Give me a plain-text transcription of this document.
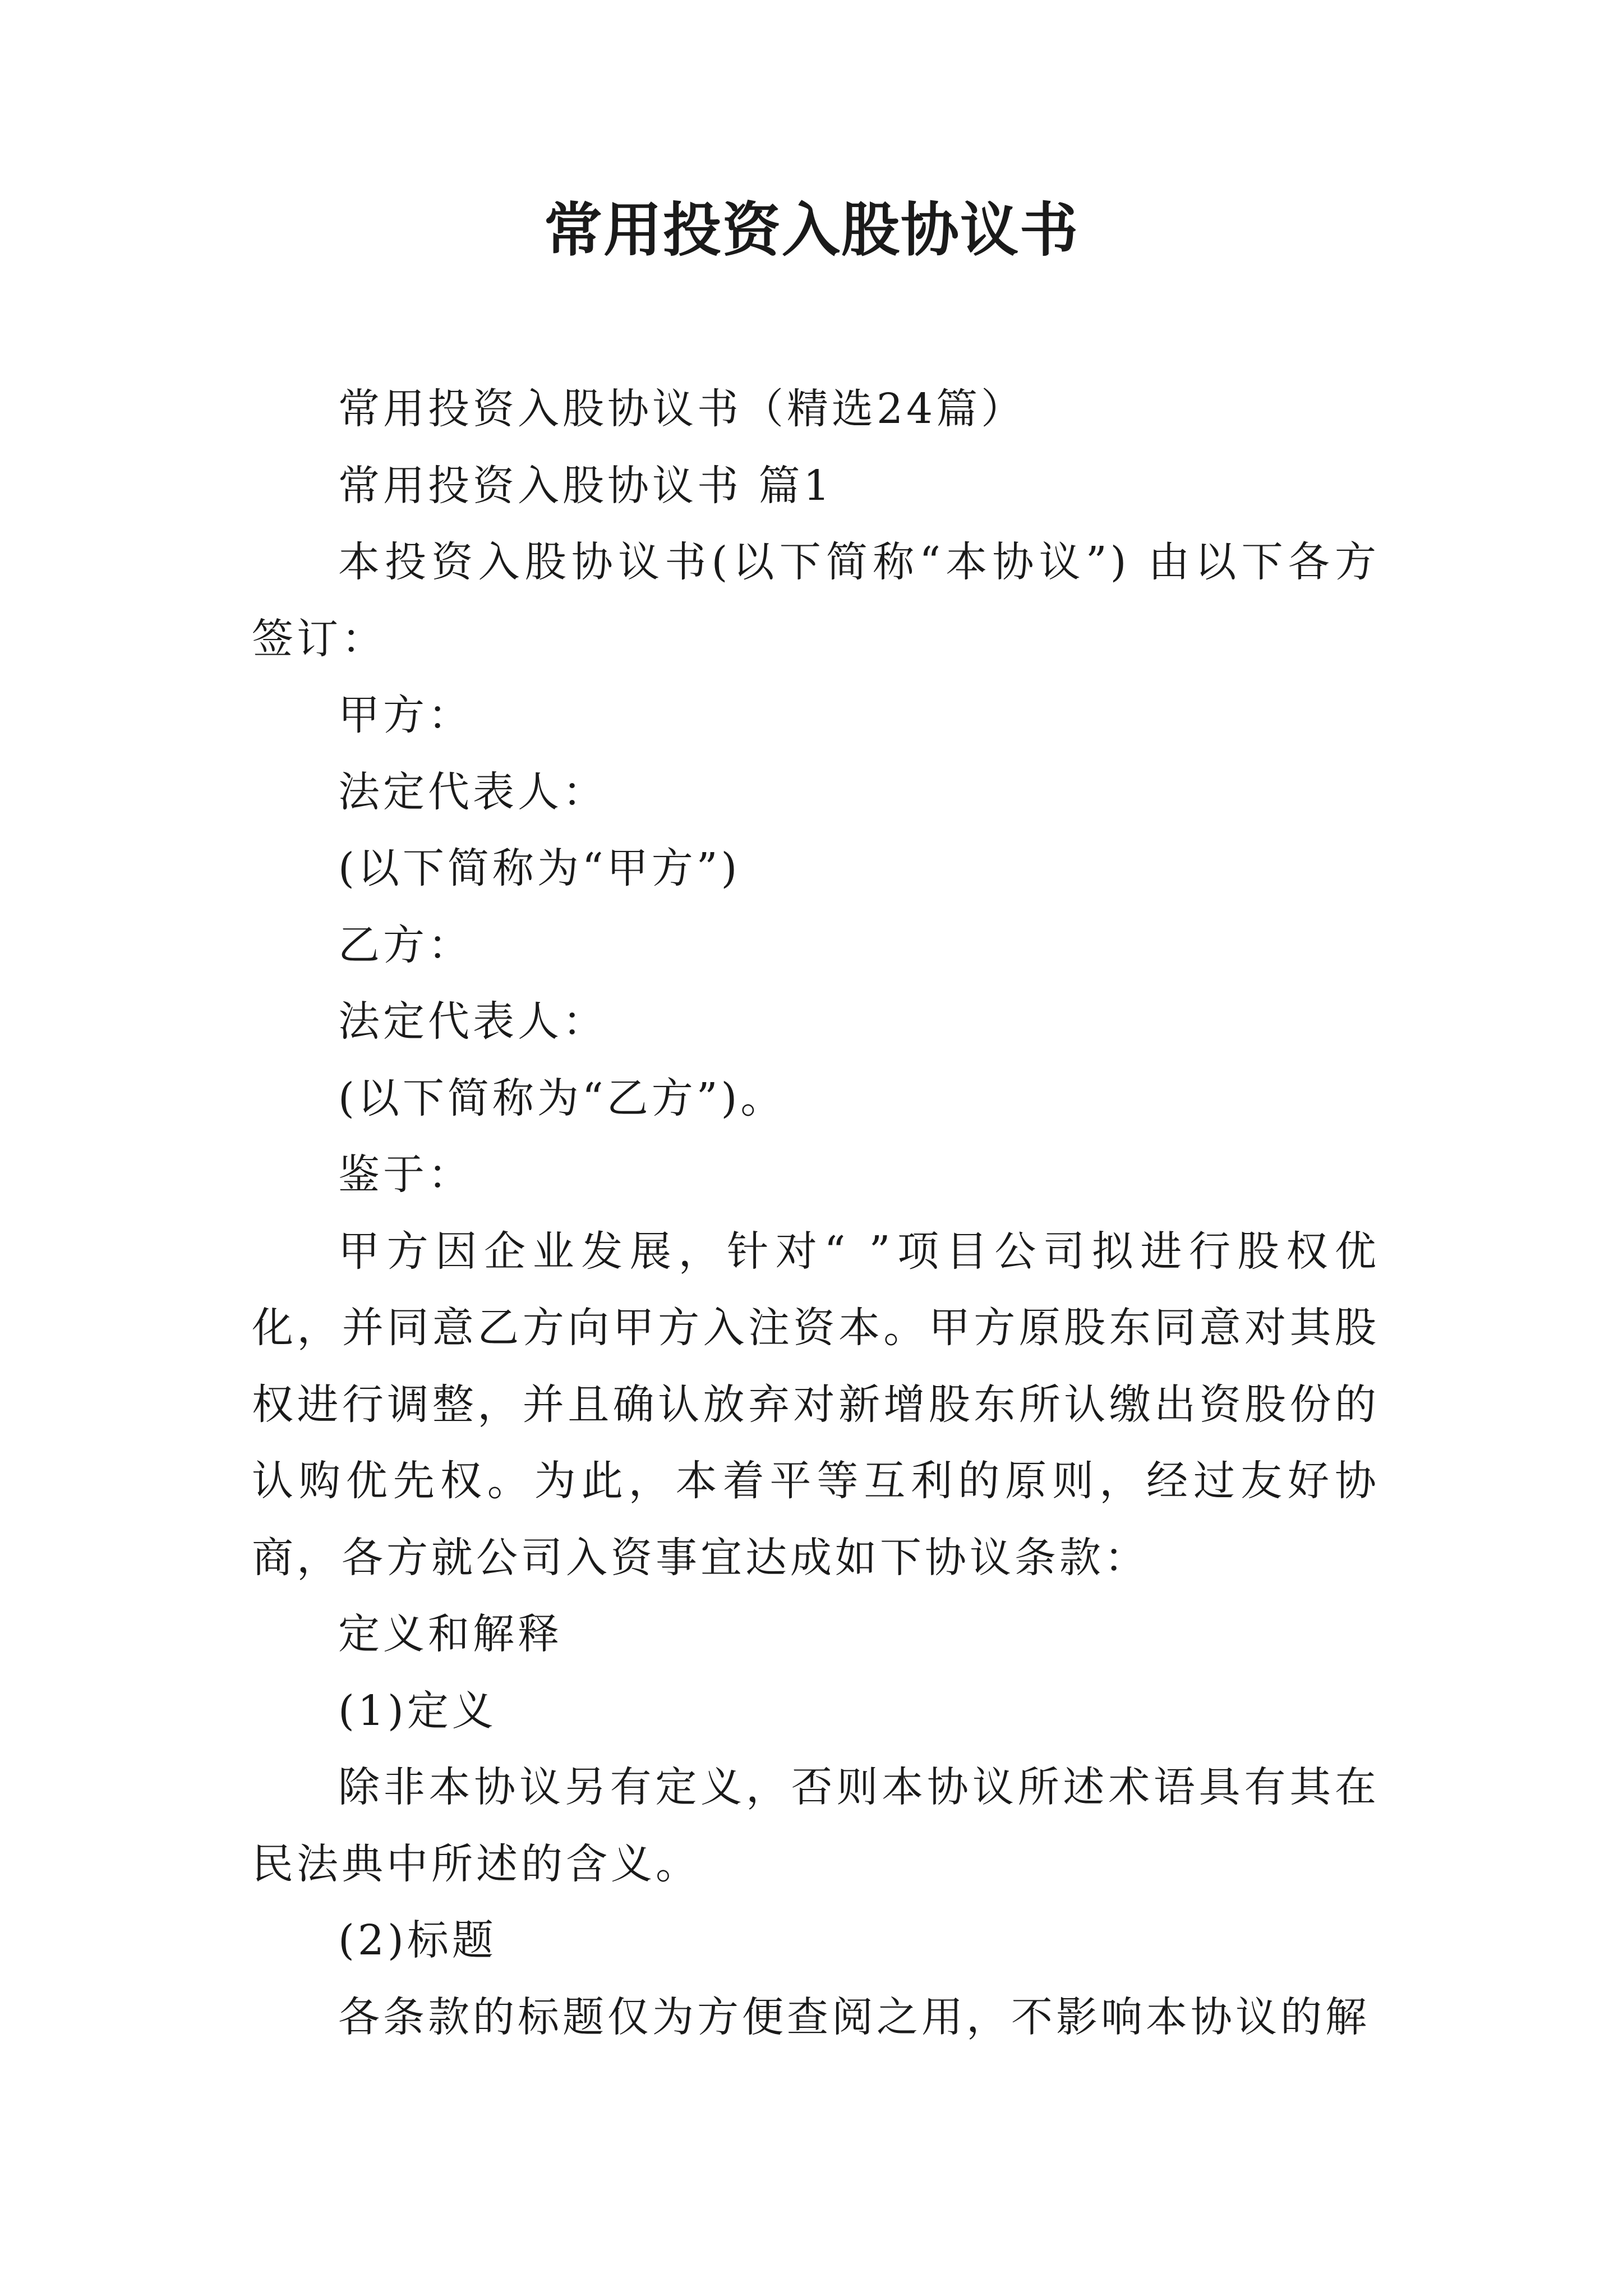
常用投资入股协议书

常用投资入股协议书（精选24篇）

常用投资入股协议书 篇1

本投资入股协议书(以下简称“本协议”) 由以下各方签订：

甲方：

法定代表人：

(以下简称为“甲方”)

乙方：

法定代表人：

(以下简称为“乙方”)。

鉴于：

甲方因企业发展，针对“ ”项目公司拟进行股权优化，并同意乙方向甲方入注资本。甲方原股东同意对其股权进行调整，并且确认放弃对新增股东所认缴出资股份的认购优先权。为此，本着平等互利的原则，经过友好协商，各方就公司入资事宜达成如下协议条款：

定义和解释

(1)定义

除非本协议另有定义，否则本协议所述术语具有其在民法典中所述的含义。

(2)标题

各条款的标题仅为方便查阅之用，不影响本协议的解
